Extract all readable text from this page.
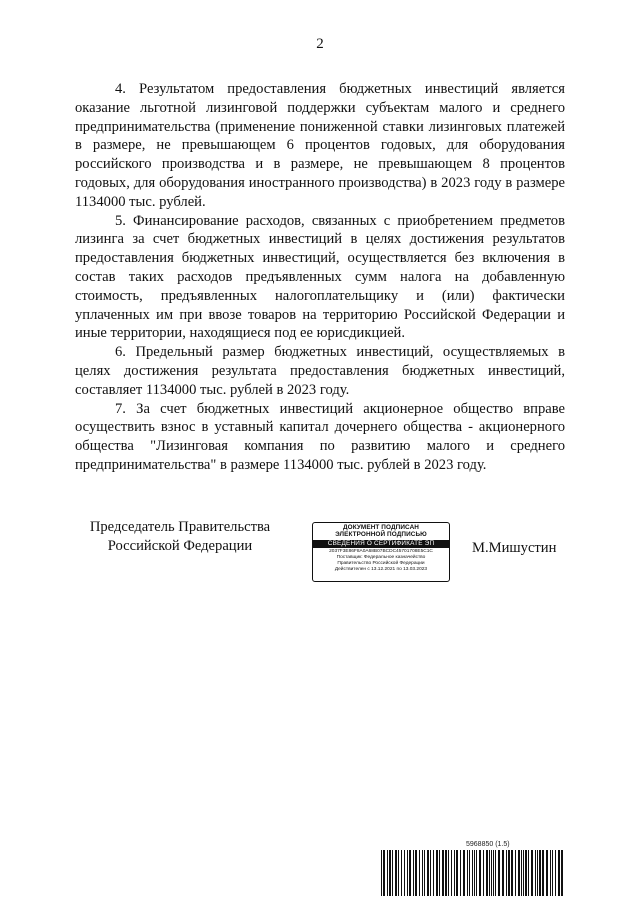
2

4. Результатом предоставления бюджетных инвестиций является оказание льготной лизинговой поддержки субъектам малого и среднего предпринимательства (применение пониженной ставки лизинговых платежей в размере, не превышающем 6 процентов годовых, для оборудования российского производства и в размере, не превышающем 8 процентов годовых, для оборудования иностранного производства) в 2023 году в размере 1134000 тыс. рублей.

5. Финансирование расходов, связанных с приобретением предметов лизинга за счет бюджетных инвестиций в целях достижения результатов предоставления бюджетных инвестиций, осуществляется без включения в состав таких расходов предъявленных сумм налога на добавленную стоимость, предъявленных налогоплательщику и (или) фактически уплаченных им при ввозе товаров на территорию Российской Федерации и иные территории, находящиеся под ее юрисдикцией.

6. Предельный размер бюджетных инвестиций, осуществляемых в целях достижения результата предоставления бюджетных инвестиций, составляет 1134000 тыс. рублей в 2023 году.

7. За счет бюджетных инвестиций акционерное общество вправе осуществить взнос в уставный капитал дочернего общества - акционерного общества "Лизинговая компания по развитию малого и среднего предпринимательства" в размере 1134000 тыс. рублей в 2023 году.

Председатель Правительства
Российской Федерации
ДОКУМЕНТ ПОДПИСАН
ЭЛЕКТРОННОЙ ПОДПИСЬЮ
СВЕДЕНИЯ О СЕРТИФИКАТЕ ЭП
2037F3E86F8A0A68B07BCDC45701708E5C1C
Поставщик: Федеральное казначейство
Правительство Российской Федерации
Действителен с 13.12.2021 по 13.03.2023
М.Мишустин
5968850 (1.5)
